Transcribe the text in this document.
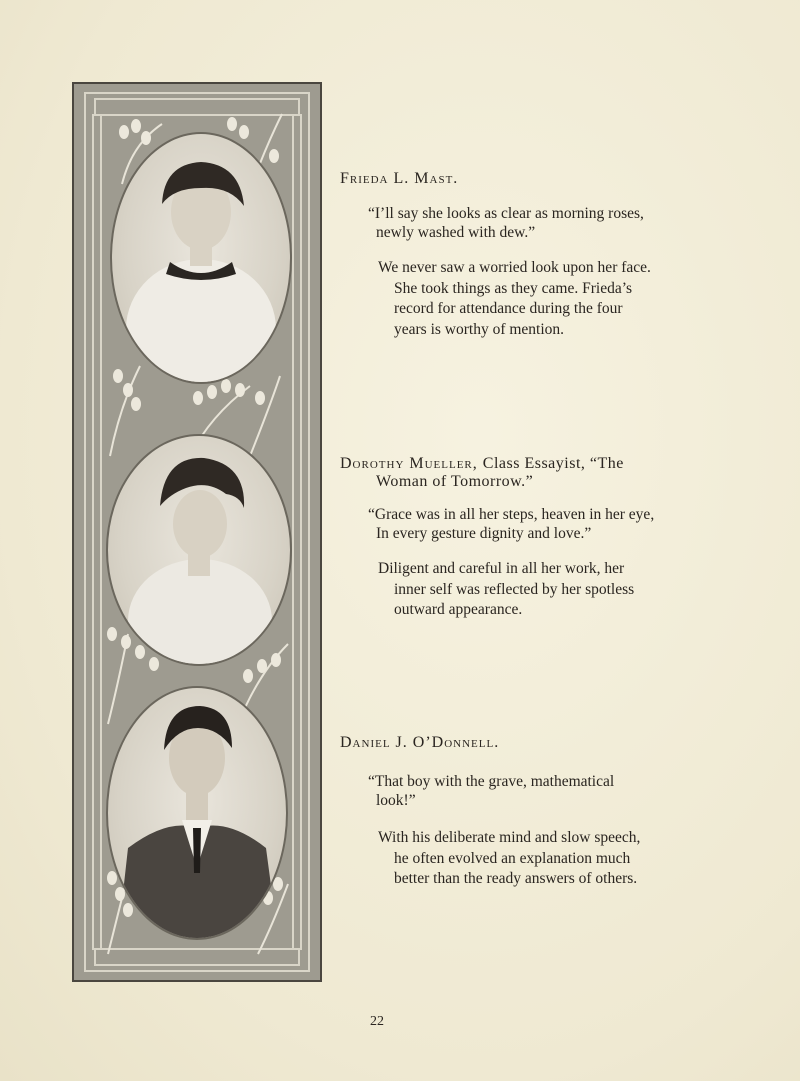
Frieda L. Mast.

“I’ll say she looks as clear as morning roses,
newly washed with dew.”

We never saw a worried look upon her face.
She took things as they came. Frieda’s
record for attendance during the four
years is worthy of mention.

Dorothy Mueller, Class Essayist, “The
Woman of Tomorrow.”

“Grace was in all her steps, heaven in her eye,
In every gesture dignity and love.”

Diligent and careful in all her work, her
inner self was reflected by her spotless
outward appearance.

Daniel J. O’Donnell.

“That boy with the grave, mathematical
look!”

With his deliberate mind and slow speech,
he often evolved an explanation much
better than the ready answers of others.

22
